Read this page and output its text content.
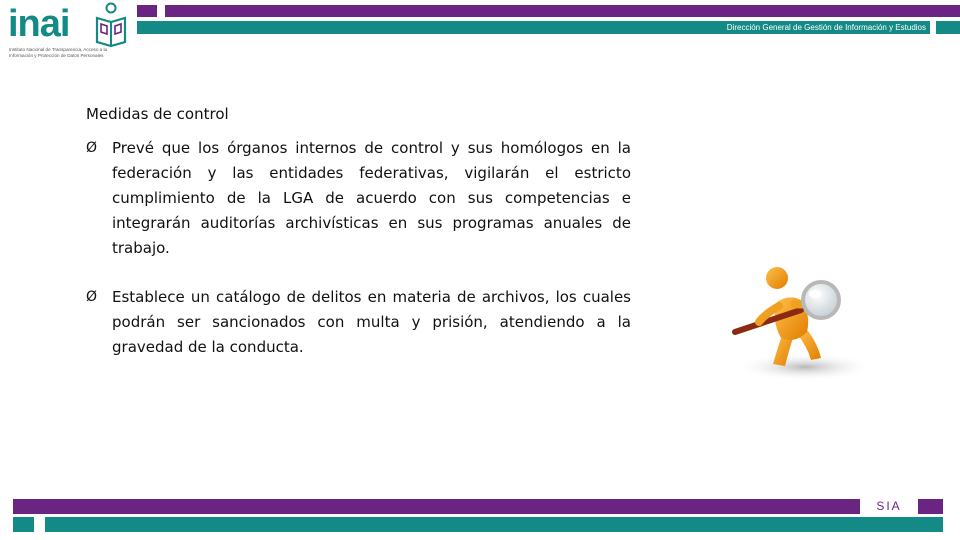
Dirección General de Gestión de Información y Estudios
inai
Instituto Nacional de Transparencia, Acceso a la Información y Protección de Datos Personales
Medidas de control
Ø Prevé que los órganos internos de control y sus homólogos en la federación y las entidades federativas, vigilarán el estricto cumplimiento de la LGA de acuerdo con sus competencias e integrarán auditorías archivísticas en sus programas anuales de trabajo.
Ø Establece un catálogo de delitos en materia de archivos, los cuales podrán ser sancionados con multa y prisión, atendiendo a la gravedad de la conducta.
SIA
